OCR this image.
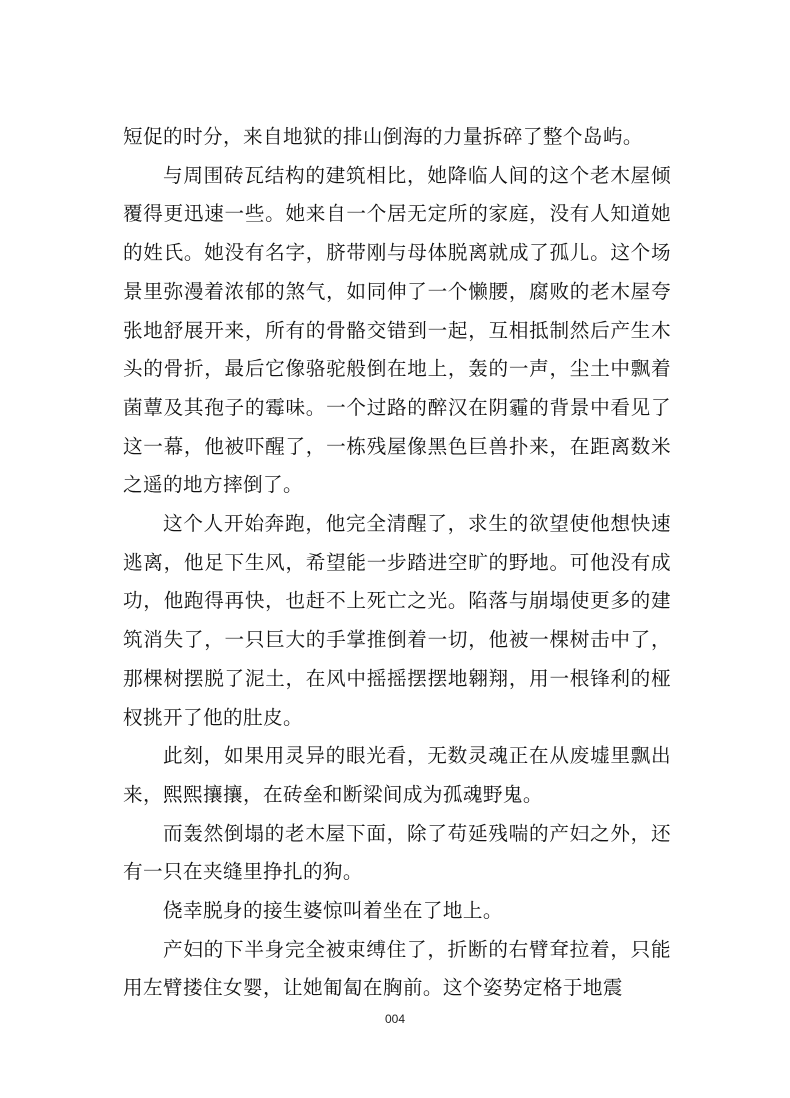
短促的时分，来自地狱的排山倒海的力量拆碎了整个岛屿。

与周围砖瓦结构的建筑相比，她降临人间的这个老木屋倾覆得更迅速一些。她来自一个居无定所的家庭，没有人知道她的姓氏。她没有名字，脐带刚与母体脱离就成了孤儿。这个场景里弥漫着浓郁的煞气，如同伸了一个懒腰，腐败的老木屋夸张地舒展开来，所有的骨骼交错到一起，互相抵制然后产生木头的骨折，最后它像骆驼般倒在地上，轰的一声，尘土中飘着菌蕈及其孢子的霉味。一个过路的醉汉在阴霾的背景中看见了这一幕，他被吓醒了，一栋残屋像黑色巨兽扑来，在距离数米之遥的地方摔倒了。

这个人开始奔跑，他完全清醒了，求生的欲望使他想快速逃离，他足下生风，希望能一步踏进空旷的野地。可他没有成功，他跑得再快，也赶不上死亡之光。陷落与崩塌使更多的建筑消失了，一只巨大的手掌推倒着一切，他被一棵树击中了，那棵树摆脱了泥土，在风中摇摇摆摆地翱翔，用一根锋利的桠杈挑开了他的肚皮。

此刻，如果用灵异的眼光看，无数灵魂正在从废墟里飘出来，熙熙攘攘，在砖垒和断梁间成为孤魂野鬼。

而轰然倒塌的老木屋下面，除了苟延残喘的产妇之外，还有一只在夹缝里挣扎的狗。

侥幸脱身的接生婆惊叫着坐在了地上。

产妇的下半身完全被束缚住了，折断的右臂耷拉着，只能用左臂搂住女婴，让她匍匐在胸前。这个姿势定格于地震

004
